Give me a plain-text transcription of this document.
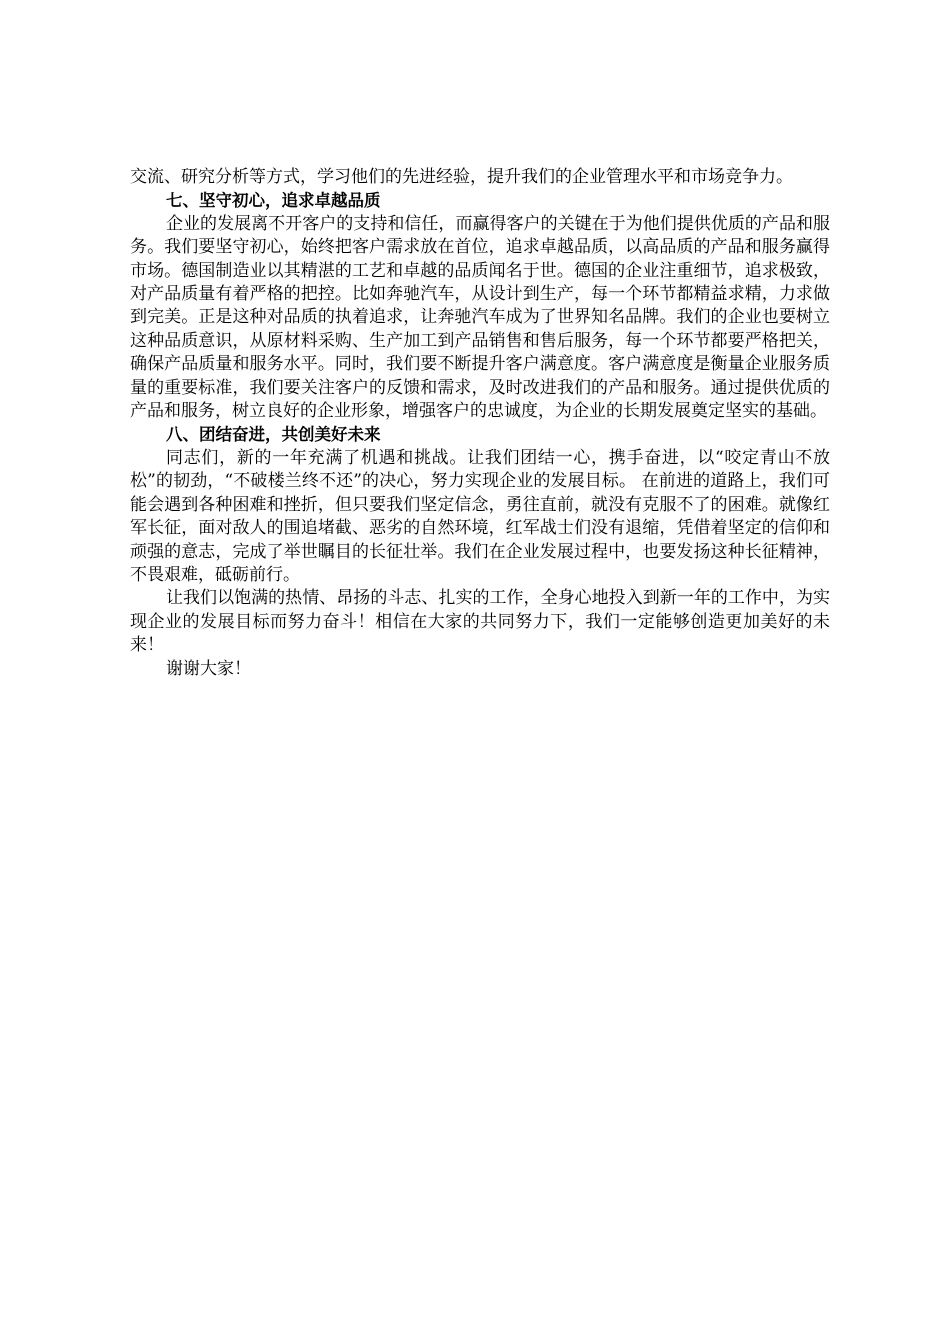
交流、研究分析等方式，学习他们的先进经验，提升我们的企业管理水平和市场竞争力。

七、坚守初心，追求卓越品质

企业的发展离不开客户的支持和信任，而赢得客户的关键在于为他们提供优质的产品和服务。我们要坚守初心，始终把客户需求放在首位，追求卓越品质，以高品质的产品和服务赢得市场。德国制造业以其精湛的工艺和卓越的品质闻名于世。德国的企业注重细节，追求极致，对产品质量有着严格的把控。比如奔驰汽车，从设计到生产，每一个环节都精益求精，力求做到完美。正是这种对品质的执着追求，让奔驰汽车成为了世界知名品牌。我们的企业也要树立这种品质意识，从原材料采购、生产加工到产品销售和售后服务，每一个环节都要严格把关，确保产品质量和服务水平。同时，我们要不断提升客户满意度。客户满意度是衡量企业服务质量的重要标准，我们要关注客户的反馈和需求，及时改进我们的产品和服务。通过提供优质的产品和服务，树立良好的企业形象，增强客户的忠诚度，为企业的长期发展奠定坚实的基础。

八、团结奋进，共创美好未来

同志们，新的一年充满了机遇和挑战。让我们团结一心，携手奋进，以“咬定青山不放松”的韧劲，“不破楼兰终不还”的决心，努力实现企业的发展目标。 在前进的道路上，我们可能会遇到各种困难和挫折，但只要我们坚定信念，勇往直前，就没有克服不了的困难。就像红军长征，面对敌人的围追堵截、恶劣的自然环境，红军战士们没有退缩，凭借着坚定的信仰和顽强的意志，完成了举世瞩目的长征壮举。我们在企业发展过程中，也要发扬这种长征精神，不畏艰难，砥砺前行。

让我们以饱满的热情、昂扬的斗志、扎实的工作，全身心地投入到新一年的工作中，为实现企业的发展目标而努力奋斗！相信在大家的共同努力下，我们一定能够创造更加美好的未来！

谢谢大家！
